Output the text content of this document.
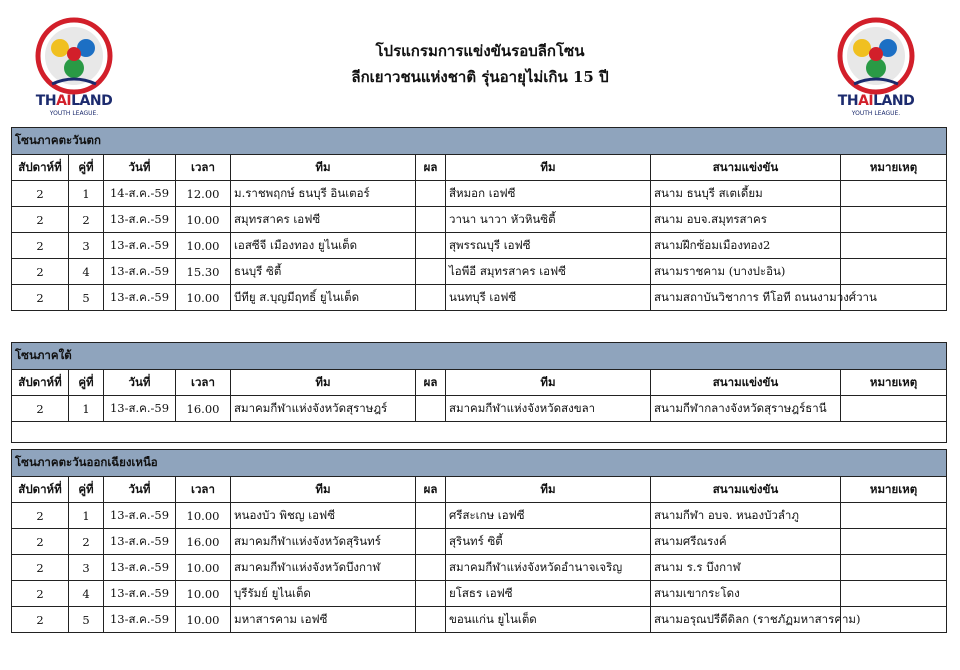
THAILAND
YOUTH LEAGUE.
THAILAND
YOUTH LEAGUE.
โปรแกรมการแข่งขันรอบลีกโซน
ลีกเยาวชนแห่งชาติ รุ่นอายุไม่เกิน 15 ปี
โซนภาคตะวันตก								
สัปดาห์ที่	คู่ที่	วันที่	เวลา	ทีม	ผล	ทีม	สนามแข่งขัน	หมายเหตุ
2	1	14-ส.ค.-59	12.00	ม.ราชพฤกษ์ ธนบุรี อินเตอร์		สีหมอก เอฟซี	สนาม ธนบุรี สเตเดี้ยม	
2	2	13-ส.ค.-59	10.00	สมุทรสาคร เอฟซี		วานา นาวา หัวหินซิตี้	สนาม อบจ.สมุทรสาคร	
2	3	13-ส.ค.-59	10.00	เอสซีจี เมืองทอง ยูไนเต็ด		สุพรรณบุรี เอฟซี	สนามฝึกซ้อมเมืองทอง2	
2	4	13-ส.ค.-59	15.30	ธนบุรี ซิตี้		ไอพีอี สมุทรสาคร เอฟซี	สนามราชคาม (บางปะอิน)	
2	5	13-ส.ค.-59	10.00	บีทียู ส.บุญมีฤทธิ์ ยูไนเต็ด		นนทบุรี เอฟซี	สนามสถาบันวิชาการ ทีโอที ถนนงามวงศ์วาน	
โซนภาคใต้								
สัปดาห์ที่	คู่ที่	วันที่	เวลา	ทีม	ผล	ทีม	สนามแข่งขัน	หมายเหตุ
2	1	13-ส.ค.-59	16.00	สมาคมกีฬาแห่งจังหวัดสุราษฎร์		สมาคมกีฬาแห่งจังหวัดสงขลา	สนามกีฬากลางจังหวัดสุราษฎร์ธานี	

โซนภาคตะวันออกเฉียงเหนือ								
สัปดาห์ที่	คู่ที่	วันที่	เวลา	ทีม	ผล	ทีม	สนามแข่งขัน	หมายเหตุ
2	1	13-ส.ค.-59	10.00	หนองบัว พิชญ เอฟซี		ศรีสะเกษ เอฟซี	สนามกีฬา อบจ. หนองบัวลำภู	
2	2	13-ส.ค.-59	16.00	สมาคมกีฬาแห่งจังหวัดสุรินทร์		สุรินทร์ ซิตี้	สนามศรีณรงค์	
2	3	13-ส.ค.-59	10.00	สมาคมกีฬาแห่งจังหวัดบึงกาฬ		สมาคมกีฬาแห่งจังหวัดอำนาจเจริญ	สนาม ร.ร บึงกาฬ	
2	4	13-ส.ค.-59	10.00	บุรีรัมย์ ยูไนเต็ด		ยโสธร เอฟซี	สนามเขากระโดง	
2	5	13-ส.ค.-59	10.00	มหาสารคาม เอฟซี		ขอนแก่น ยูไนเต็ด	สนามอรุณปรีดีดิลก (ราชภัฏมหาสารคาม)	
